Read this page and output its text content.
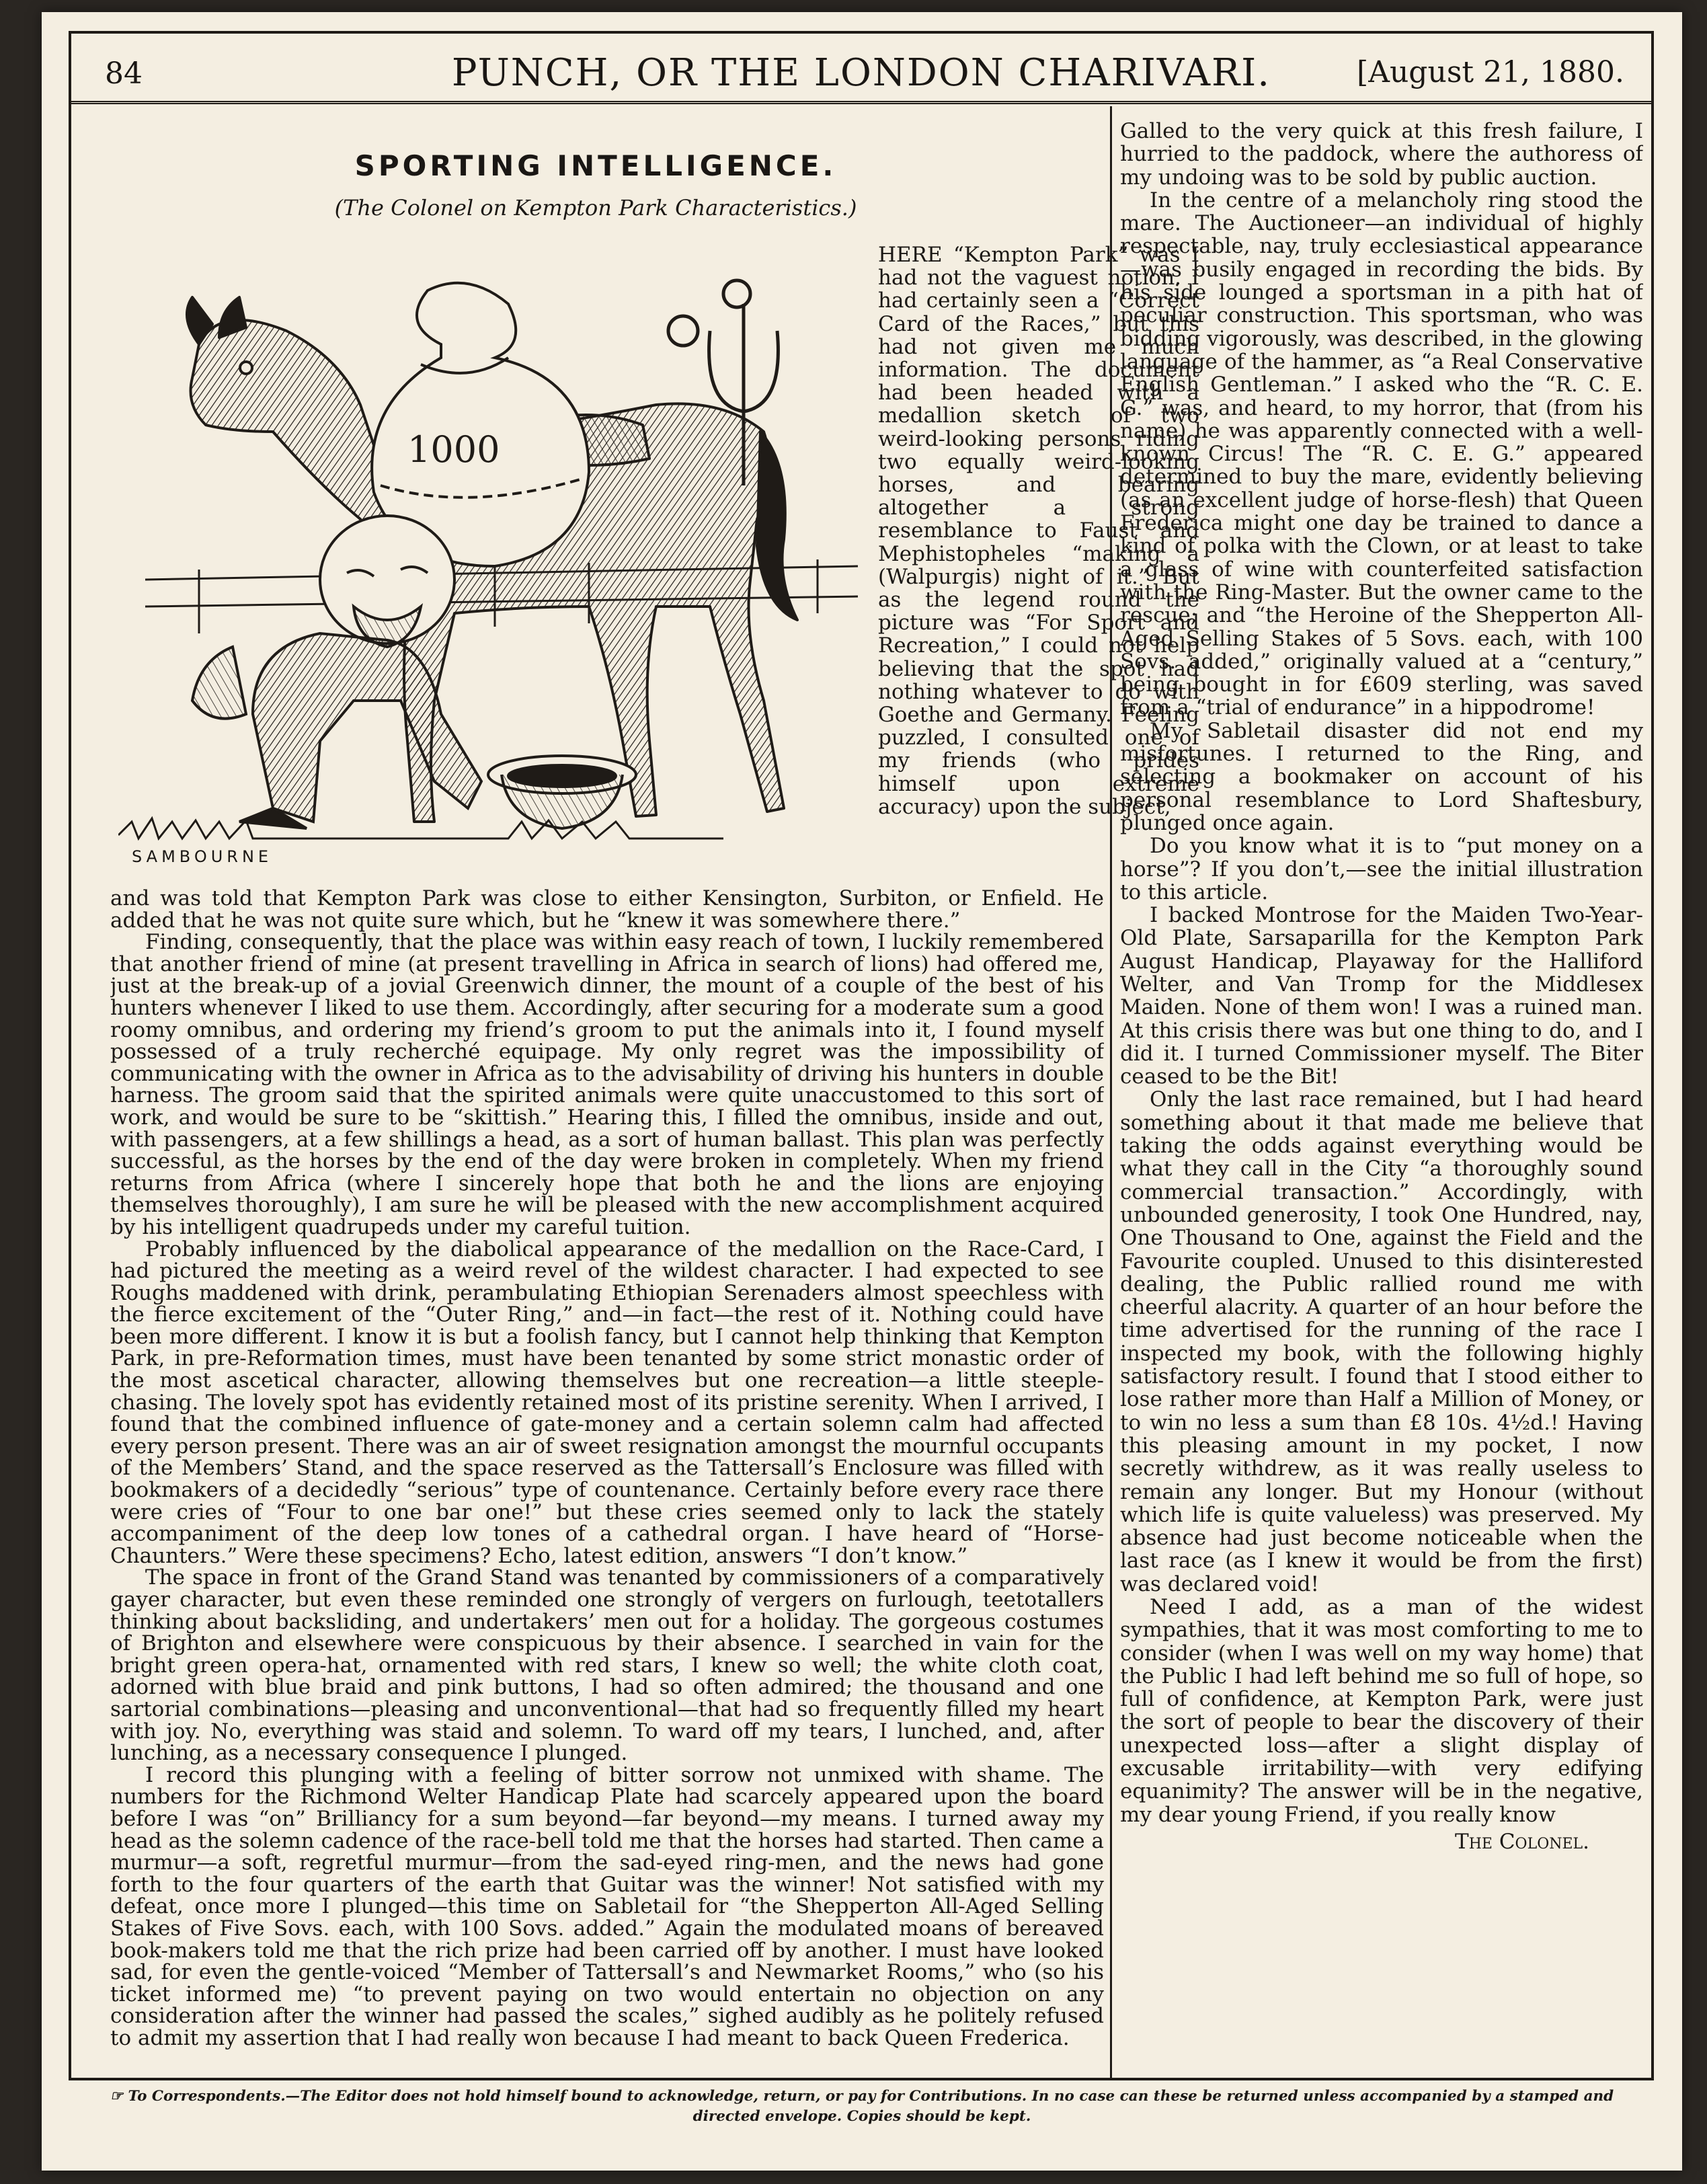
84	PUNCH, OR THE LONDON CHARIVARI.	[August 21, 1880.
SPORTING INTELLIGENCE.
(The Colonel on Kempton Park Characteristics.)
1000
SAMBOURNE

HERE “Kempton Park” was I had not the vaguest notion. I had certainly seen a “Correct Card of the Races,” but this had not given me much information. The document had been headed with a medallion sketch of two weird-looking persons riding two equally weird-looking horses, and bearing altogether a strong resemblance to Faust and Mephistopheles “making a (Walpurgis) night of it.” But as the legend round the picture was “For Sport and Recreation,” I could not help believing that the spot had nothing whatever to do with Goethe and Germany. Feeling puzzled, I consulted one of my friends (who prides himself upon extreme accuracy) upon the subject,

and was told that Kempton Park was close to either Kensington, Surbiton, or Enfield. He added that he was not quite sure which, but he “knew it was somewhere there.”

Finding, consequently, that the place was within easy reach of town, I luckily remembered that another friend of mine (at present travelling in Africa in search of lions) had offered me, just at the break-up of a jovial Greenwich dinner, the mount of a couple of the best of his hunters whenever I liked to use them. Accordingly, after securing for a moderate sum a good roomy omnibus, and ordering my friend’s groom to put the animals into it, I found myself possessed of a truly recherché equipage. My only regret was the impossibility of communicating with the owner in Africa as to the advisability of driving his hunters in double harness. The groom said that the spirited animals were quite unaccustomed to this sort of work, and would be sure to be “skittish.” Hearing this, I filled the omnibus, inside and out, with passengers, at a few shillings a head, as a sort of human ballast. This plan was perfectly successful, as the horses by the end of the day were broken in completely. When my friend returns from Africa (where I sincerely hope that both he and the lions are enjoying themselves thoroughly), I am sure he will be pleased with the new accomplishment acquired by his intelligent quadrupeds under my careful tuition.

Probably influenced by the diabolical appearance of the medallion on the Race-Card, I had pictured the meeting as a weird revel of the wildest character. I had expected to see Roughs maddened with drink, perambulating Ethiopian Serenaders almost speechless with the fierce excitement of the “Outer Ring,” and—in fact—the rest of it. Nothing could have been more different. I know it is but a foolish fancy, but I cannot help thinking that Kempton Park, in pre-Reformation times, must have been tenanted by some strict monastic order of the most ascetical character, allowing themselves but one recreation—a little steeple-chasing. The lovely spot has evidently retained most of its pristine serenity. When I arrived, I found that the combined influence of gate-money and a certain solemn calm had affected every person present. There was an air of sweet resignation amongst the mournful occupants of the Members’ Stand, and the space reserved as the Tattersall’s Enclosure was filled with bookmakers of a decidedly “serious” type of countenance. Certainly before every race there were cries of “Four to one bar one!” but these cries seemed only to lack the stately accompaniment of the deep low tones of a cathedral organ. I have heard of “Horse-Chaunters.” Were these specimens? Echo, latest edition, answers “I don’t know.”

The space in front of the Grand Stand was tenanted by commissioners of a comparatively gayer character, but even these reminded one strongly of vergers on furlough, teetotallers thinking about backsliding, and undertakers’ men out for a holiday. The gorgeous costumes of Brighton and elsewhere were conspicuous by their absence. I searched in vain for the bright green opera-hat, ornamented with red stars, I knew so well; the white cloth coat, adorned with blue braid and pink buttons, I had so often admired; the thousand and one sartorial combinations—pleasing and unconventional—that had so frequently filled my heart with joy. No, everything was staid and solemn. To ward off my tears, I lunched, and, after lunching, as a necessary consequence I plunged.

I record this plunging with a feeling of bitter sorrow not unmixed with shame. The numbers for the Richmond Welter Handicap Plate had scarcely appeared upon the board before I was “on” Brilliancy for a sum beyond—far beyond—my means. I turned away my head as the solemn cadence of the race-bell told me that the horses had started. Then came a murmur—a soft, regretful murmur—from the sad-eyed ring-men, and the news had gone forth to the four quarters of the earth that Guitar was the winner! Not satisfied with my defeat, once more I plunged—this time on Sabletail for “the Shepperton All-Aged Selling Stakes of Five Sovs. each, with 100 Sovs. added.” Again the modulated moans of bereaved book-makers told me that the rich prize had been carried off by another. I must have looked sad, for even the gentle-voiced “Member of Tattersall’s and Newmarket Rooms,” who (so his ticket informed me) “to prevent paying on two would entertain no objection on any consideration after the winner had passed the scales,” sighed audibly as he politely refused to admit my assertion that I had really won because I had meant to back Queen Frederica.

Galled to the very quick at this fresh failure, I hurried to the paddock, where the authoress of my undoing was to be sold by public auction.

In the centre of a melancholy ring stood the mare. The Auctioneer—an individual of highly respectable, nay, truly ecclesiastical appearance—was busily engaged in recording the bids. By his side lounged a sportsman in a pith hat of peculiar construction. This sportsman, who was bidding vigorously, was described, in the glowing language of the hammer, as “a Real Conservative English Gentleman.” I asked who the “R. C. E. G.” was, and heard, to my horror, that (from his name) he was apparently connected with a well-known Circus! The “R. C. E. G.” appeared determined to buy the mare, evidently believing (as an excellent judge of horse-flesh) that Queen Frederica might one day be trained to dance a kind of polka with the Clown, or at least to take a glass of wine with counterfeited satisfaction with the Ring-Master. But the owner came to the rescue; and “the Heroine of the Shepperton All-Aged Selling Stakes of 5 Sovs. each, with 100 Sovs. added,” originally valued at a “century,” being bought in for £609 sterling, was saved from a “trial of endurance” in a hippodrome!

My Sabletail disaster did not end my misfortunes. I returned to the Ring, and selecting a bookmaker on account of his personal resemblance to Lord Shaftesbury, plunged once again.

Do you know what it is to “put money on a horse”? If you don’t,—see the initial illustration to this article.

I backed Montrose for the Maiden Two-Year-Old Plate, Sarsaparilla for the Kempton Park August Handicap, Playaway for the Halliford Welter, and Van Tromp for the Middlesex Maiden. None of them won! I was a ruined man. At this crisis there was but one thing to do, and I did it. I turned Commissioner myself. The Biter ceased to be the Bit!

Only the last race remained, but I had heard something about it that made me believe that taking the odds against everything would be what they call in the City “a thoroughly sound commercial transaction.” Accordingly, with unbounded generosity, I took One Hundred, nay, One Thousand to One, against the Field and the Favourite coupled. Unused to this disinterested dealing, the Public rallied round me with cheerful alacrity. A quarter of an hour before the time advertised for the running of the race I inspected my book, with the following highly satisfactory result. I found that I stood either to lose rather more than Half a Million of Money, or to win no less a sum than £8 10s. 4½d.! Having this pleasing amount in my pocket, I now secretly withdrew, as it was really useless to remain any longer. But my Honour (without which life is quite valueless) was preserved. My absence had just become noticeable when the last race (as I knew it would be from the first) was declared void!

Need I add, as a man of the widest sympathies, that it was most comforting to me to consider (when I was well on my way home) that the Public I had left behind me so full of hope, so full of confidence, at Kempton Park, were just the sort of people to bear the discovery of their unexpected loss—after a slight display of excusable irritability—with very edifying equanimity? The answer will be in the negative, my dear young Friend, if you really know

The Colonel.
☞ To Correspondents.—The Editor does not hold himself bound to acknowledge, return, or pay for Contributions. In no case can these be returned unless accompanied by a stamped and directed envelope. Copies should be kept.
